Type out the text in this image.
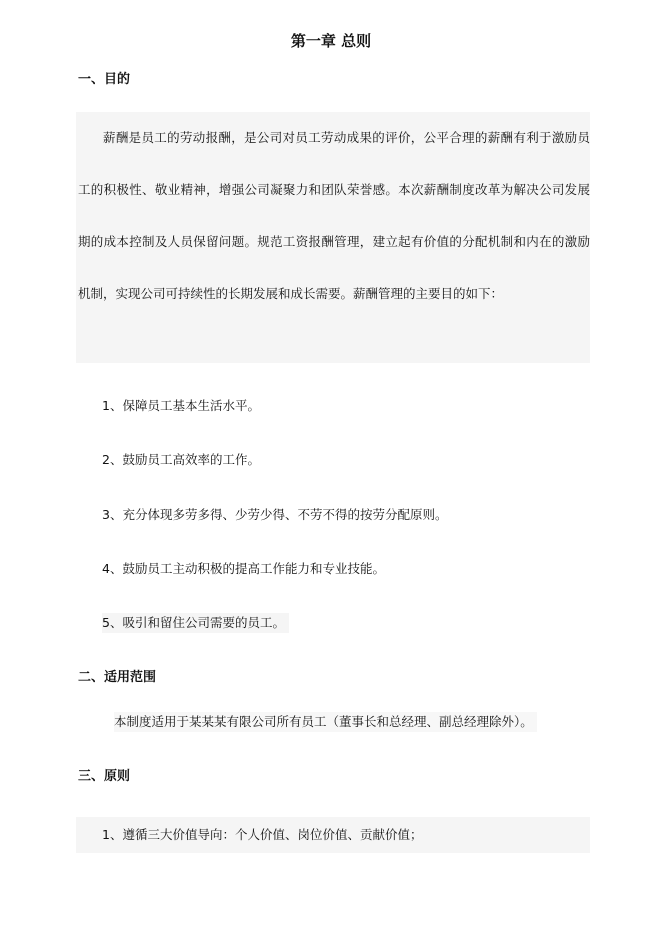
第一章 总则
一、目的

薪酬是员工的劳动报酬，是公司对员工劳动成果的评价，公平合理的薪酬有利于激励员工的积极性、敬业精神，增强公司凝聚力和团队荣誉感。本次薪酬制度改革为解决公司发展期的成本控制及人员保留问题。规范工资报酬管理，建立起有价值的分配机制和内在的激励机制，实现公司可持续性的长期发展和成长需要。薪酬管理的主要目的如下：

1、保障员工基本生活水平。
2、鼓励员工高效率的工作。
3、充分体现多劳多得、少劳少得、不劳不得的按劳分配原则。
4、鼓励员工主动积极的提高工作能力和专业技能。
5、吸引和留住公司需要的员工。
二、适用范围
本制度适用于某某某有限公司所有员工（董事长和总经理、副总经理除外）。
三、原则
1、遵循三大价值导向：个人价值、岗位价值、贡献价值；
